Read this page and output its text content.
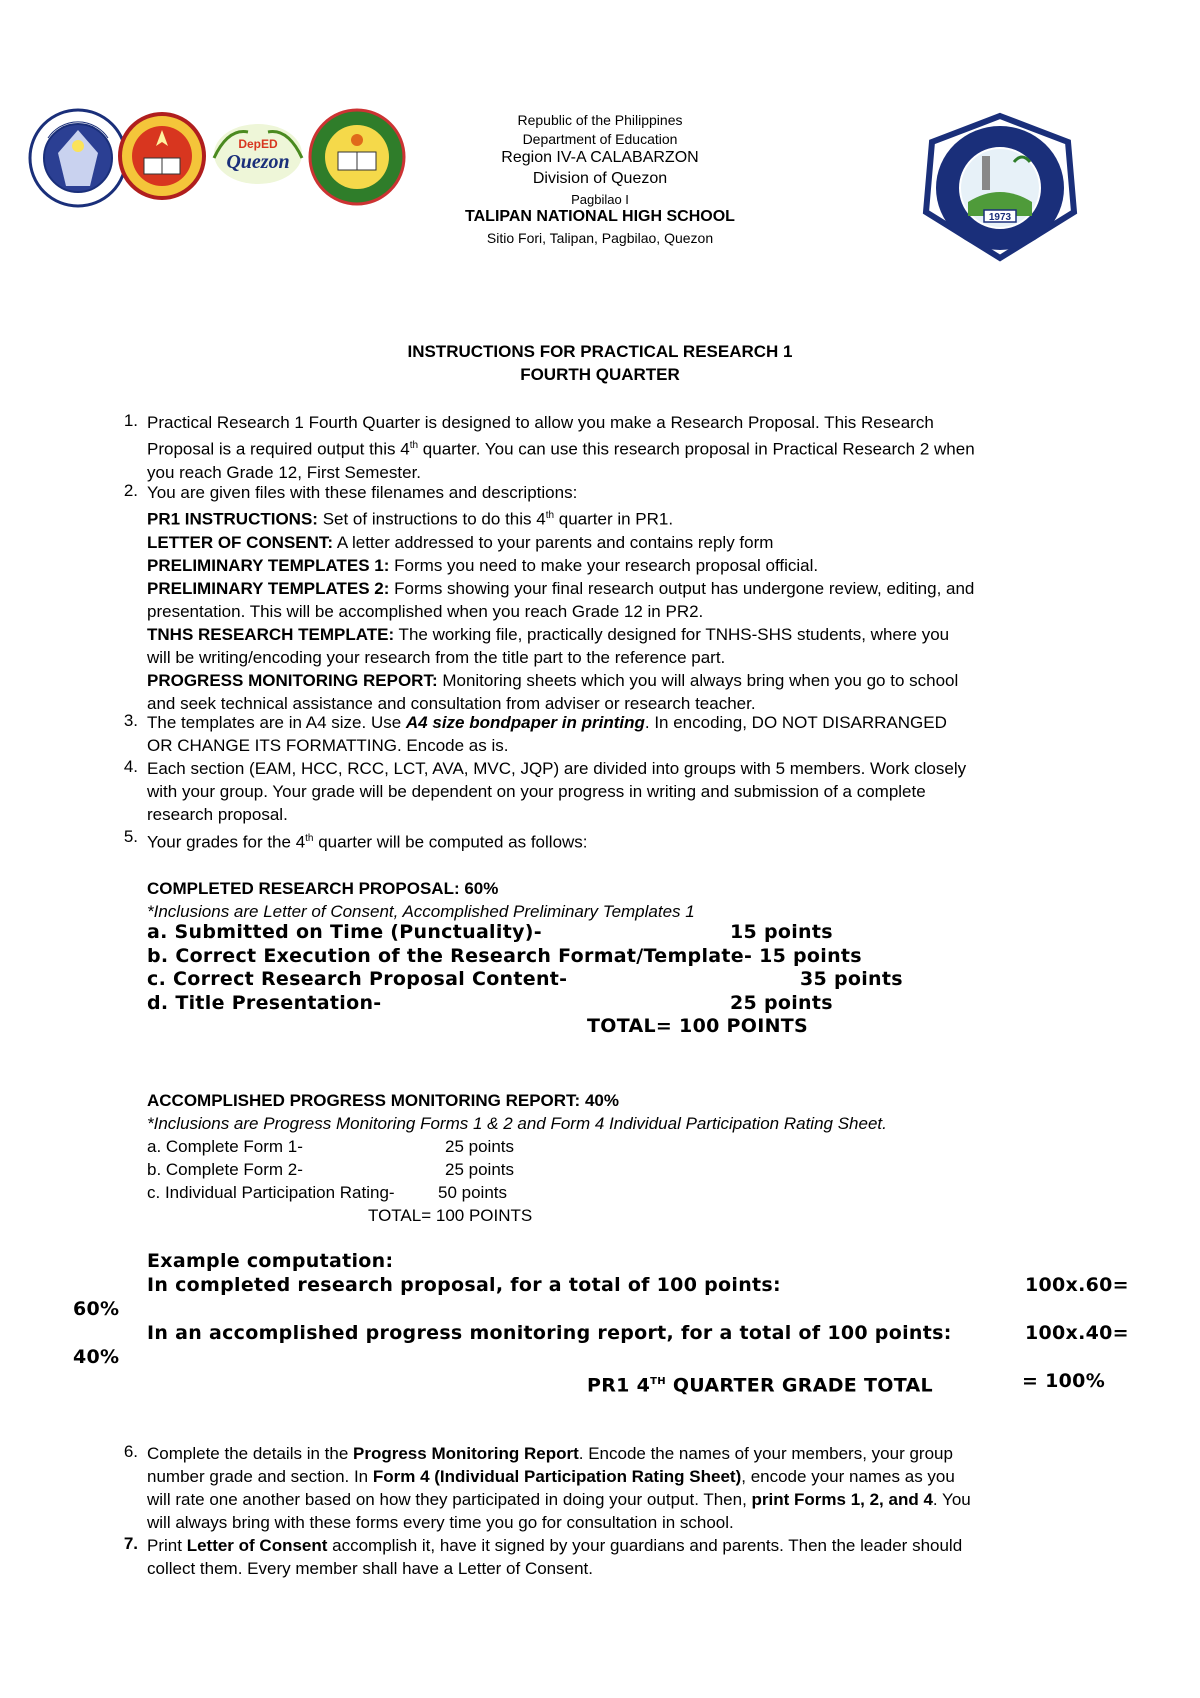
DepED
Quezon
1973
Republic of the Philippines
Department of Education
Region IV-A CALABARZON
Division of Quezon
Pagbilao I
TALIPAN NATIONAL HIGH SCHOOL
Sitio Fori, Talipan, Pagbilao, Quezon
INSTRUCTIONS FOR PRACTICAL RESEARCH 1
FOURTH QUARTER
1. Practical Research 1 Fourth Quarter is designed to allow you make a Research Proposal. This Research
Proposal is a required output this 4th quarter. You can use this research proposal in Practical Research 2 when
you reach Grade 12, First Semester.
2. You are given files with these filenames and descriptions:
PR1 INSTRUCTIONS: Set of instructions to do this 4th quarter in PR1.
LETTER OF CONSENT: A letter addressed to your parents and contains reply form
PRELIMINARY TEMPLATES 1: Forms you need to make your research proposal official.
PRELIMINARY TEMPLATES 2: Forms showing your final research output has undergone review, editing, and
presentation. This will be accomplished when you reach Grade 12 in PR2.
TNHS RESEARCH TEMPLATE: The working file, practically designed for TNHS-SHS students, where you
will be writing/encoding your research from the title part to the reference part.
PROGRESS MONITORING REPORT: Monitoring sheets which you will always bring when you go to school
and seek technical assistance and consultation from adviser or research teacher.
3. The templates are in A4 size. Use A4 size bondpaper in printing. In encoding, DO NOT DISARRANGED
OR CHANGE ITS FORMATTING. Encode as is.
4. Each section (EAM, HCC, RCC, LCT, AVA, MVC, JQP) are divided into groups with 5 members. Work closely
with your group. Your grade will be dependent on your progress in writing and submission of a complete
research proposal.
5. Your grades for the 4th quarter will be computed as follows:
COMPLETED RESEARCH PROPOSAL: 60%
*Inclusions are Letter of Consent, Accomplished Preliminary Templates 1
a. Submitted on Time (Punctuality)-	15 points
b. Correct Execution of the Research Format/Template- 15 points
c. Correct Research Proposal Content-	35 points
d. Title Presentation-	25 points
TOTAL= 100 POINTS
ACCOMPLISHED PROGRESS MONITORING REPORT: 40%
*Inclusions are Progress Monitoring Forms 1 & 2 and Form 4 Individual Participation Rating Sheet.
a. Complete Form 1-	25 points
b. Complete Form 2-	25 points
c. Individual Participation Rating-	50 points
TOTAL= 100 POINTS
Example computation:
In completed research proposal, for a total of 100 points:	100x.60=
60%
In an accomplished progress monitoring report, for a total of 100 points:	100x.40=
40%
PR1 4TH QUARTER GRADE TOTAL	= 100%
6. Complete the details in the Progress Monitoring Report. Encode the names of your members, your group
number grade and section. In Form 4 (Individual Participation Rating Sheet), encode your names as you
will rate one another based on how they participated in doing your output. Then, print Forms 1, 2, and 4. You
will always bring with these forms every time you go for consultation in school.
7. Print Letter of Consent accomplish it, have it signed by your guardians and parents. Then the leader should
collect them. Every member shall have a Letter of Consent.
